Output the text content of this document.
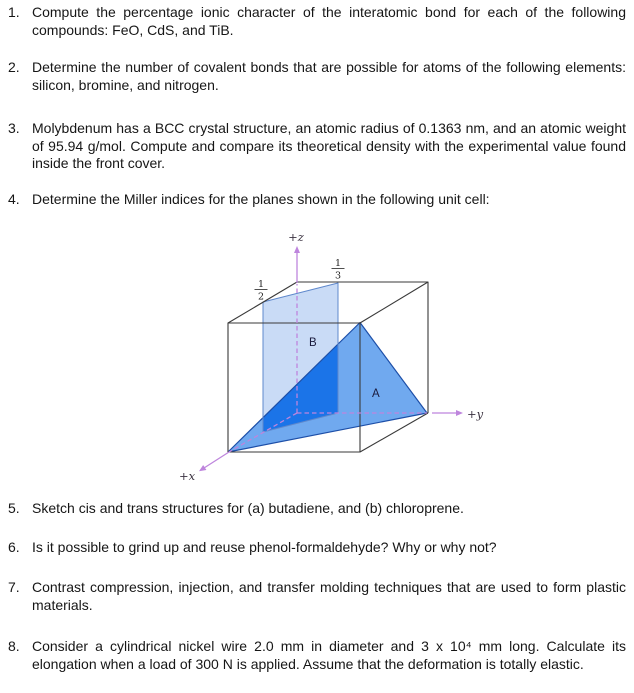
1. Compute the percentage ionic character of the interatomic bond for each of the following compounds: FeO, CdS, and TiB.

2. Determine the number of covalent bonds that are possible for atoms of the following elements: silicon, bromine, and nitrogen.

3. Molybdenum has a BCC crystal structure, an atomic radius of 0.1363 nm, and an atomic weight of 95.94 g/mol. Compute and compare its theoretical density with the experimental value found inside the front cover.

4. Determine the Miller indices for the planes shown in the following unit cell:

+z
+y
+x
B
A
1
2
1
3
5. Sketch cis and trans structures for (a) butadiene, and (b) chloroprene.

6. Is it possible to grind up and reuse phenol-formaldehyde? Why or why not?

7. Contrast compression, injection, and transfer molding techniques that are used to form plastic materials.

8. Consider a cylindrical nickel wire 2.0 mm in diameter and 3 x 10⁴ mm long. Calculate its elongation when a load of 300 N is applied. Assume that the deformation is totally elastic.
